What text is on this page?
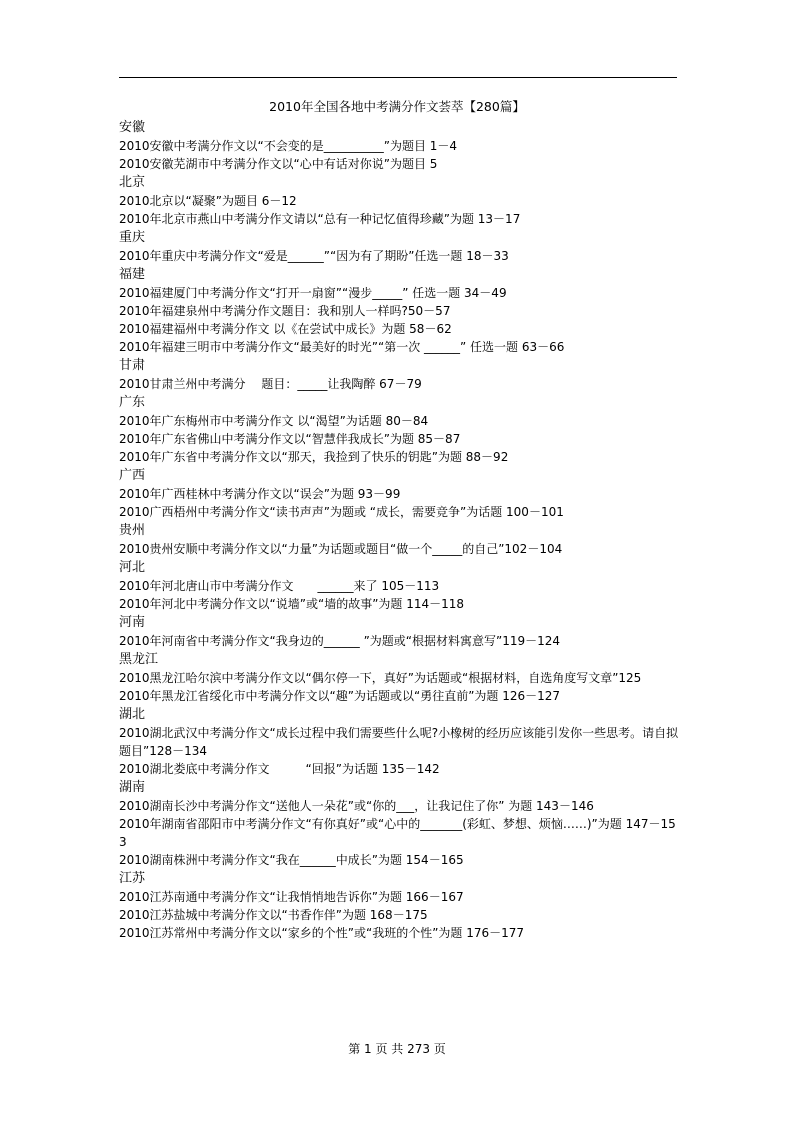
2010年全国各地中考满分作文荟萃【280篇】
安徽
2010安徽中考满分作文以“不会变的是__________”为题目 1－4
2010安徽芜湖市中考满分作文以“心中有话对你说”为题目 5
北京
2010北京以“凝聚”为题目 6－12
2010年北京市燕山中考满分作文请以“总有一种记忆值得珍藏”为题 13－17
重庆
2010年重庆中考满分作文“爱是______”“因为有了期盼”任选一题 18－33
福建
2010福建厦门中考满分作文“打开一扇窗”“漫步_____” 任选一题 34－49
2010年福建泉州中考满分作文题目：我和别人一样吗?50－57
2010福建福州中考满分作文 以《在尝试中成长》为题 58－62
2010年福建三明市中考满分作文“最美好的时光”“第一次 ______” 任选一题 63－66
甘肃
2010甘肃兰州中考满分　 题目：_____让我陶醉 67－79
广东
2010年广东梅州市中考满分作文 以“渴望”为话题 80－84
2010年广东省佛山中考满分作文以“智慧伴我成长”为题 85－87
2010年广东省中考满分作文以“那天，我捡到了快乐的钥匙”为题 88－92
广西
2010年广西桂林中考满分作文以“误会”为题 93－99
2010广西梧州中考满分作文“读书声声”为题或 “成长，需要竞争”为话题 100－101
贵州
2010贵州安顺中考满分作文以“力量”为话题或题目“做一个_____的自己”102－104
河北
2010年河北唐山市中考满分作文　　______来了 105－113
2010年河北中考满分作文以“说墙”或“墙的故事”为题 114－118
河南
2010年河南省中考满分作文“我身边的______ ”为题或“根据材料寓意写”119－124
黑龙江
2010黑龙江哈尔滨中考满分作文以“偶尔停一下，真好”为话题或“根据材料，自选角度写文章”125
2010年黑龙江省绥化市中考满分作文以“趣”为话题或以“勇往直前”为题 126－127
湖北
2010湖北武汉中考满分作文“成长过程中我们需要些什么呢?小橡树的经历应该能引发你一些思考。请自拟题目”128－134
2010湖北娄底中考满分作文　　　“回报”为话题 135－142
湖南
2010湖南长沙中考满分作文“送他人一朵花”或“你的___，让我记住了你” 为题 143－146
2010年湖南省邵阳市中考满分作文“有你真好”或“心中的_______(彩虹、梦想、烦恼……)”为题 147－153
2010湖南株洲中考满分作文“我在______中成长”为题 154－165
江苏
2010江苏南通中考满分作文“让我悄悄地告诉你”为题 166－167
2010江苏盐城中考满分作文以“书香作伴”为题 168－175
2010江苏常州中考满分作文以“家乡的个性”或“我班的个性”为题 176－177
第 1 页 共 273 页
